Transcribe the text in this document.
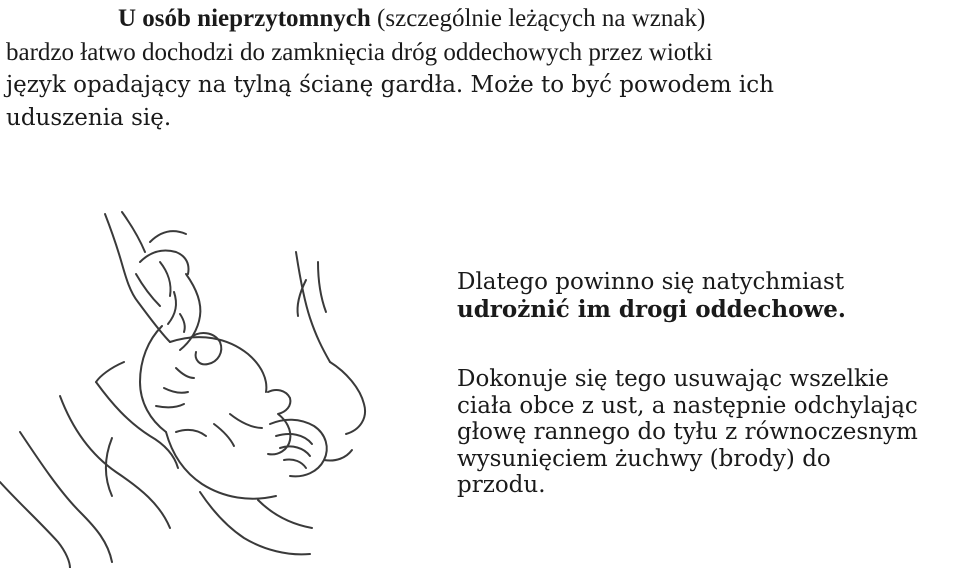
U osób nieprzytomnych (szczególnie leżących na wznak)
bardzo łatwo dochodzi do zamknięcia dróg oddechowych przez wiotki
język opadający na tylną ścianę gardła. Może to być powodem ich
uduszenia się.
Dlatego powinno się natychmiast
udrożnić im drogi oddechowe.
Dokonuje się tego usuwając wszelkie
ciała obce z ust, a następnie odchylając
głowę rannego do tyłu z równoczesnym
wysunięciem żuchwy (brody) do
przodu.
